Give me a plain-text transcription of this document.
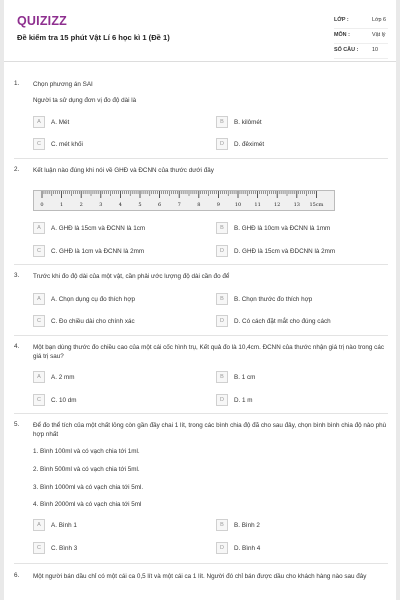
QUIZIZZ
Đề kiểm tra 15 phút Vật Lí 6 học kì 1 (Đề 1)
LỚP :	Lớp 6
MÔN :	Vật lý
SỐ CÂU :	10
1. Chọn phương án SAI
Người ta sử dụng đơn vị đo độ dài là
A	A. Mét	B	B. kilômét
C	C. mét khối	D	D. đêximét
2. Kết luận nào đúng khi nói về GHĐ và ĐCNN của thước dưới đây
0	1	2	3	4	5	6	7	8	9	10	11	12	13 15cm
A	A. GHĐ là 15cm và ĐCNN là 1cm	B	B. GHĐ là 10cm và ĐCNN là 1mm
C	C. GHĐ là 1cm và ĐCNN là 2mm	D	D. GHĐ là 15cm và ĐDCNN là 2mm
3. Trước khi đo độ dài của một vật, cần phải ước lượng độ dài cần đo để
A	A. Chọn dụng cụ đo thích hợp	B	B. Chọn thước đo thích hợp
C	C. Đo chiều dài cho chính xác	D	D. Có cách đặt mắt cho đúng cách
4. Một bạn dùng thước đo chiều cao của một cái cốc hình trụ, Kết quả đo là 10,4cm. ĐCNN của thước nhận giá trị nào trong các giá trị sau?
A	A. 2 mm	B	B. 1 cm
C	C. 10 dm	D	D. 1 m
5. Để đo thể tích của một chất lỏng còn gần đầy chai 1 lít, trong các bình chia độ đã cho sau đây, chọn bình bình chia độ nào phù hợp nhất
1. Bình 100ml và có vạch chia tới 1ml.
2. Bình 500ml và có vạch chia tới 5ml.
3. Bình 1000ml và có vạch chia tới 5ml.
4. Bình 2000ml và có vạch chia tới 5ml
A	A. Bình 1	B	B. Bình 2
C	C. Bình 3	D	D. Bình 4
6. Một người bán dầu chỉ có một cái ca 0,5 lít và một cái ca 1 lít. Người đó chỉ bán được dầu cho khách hàng nào sau đây
